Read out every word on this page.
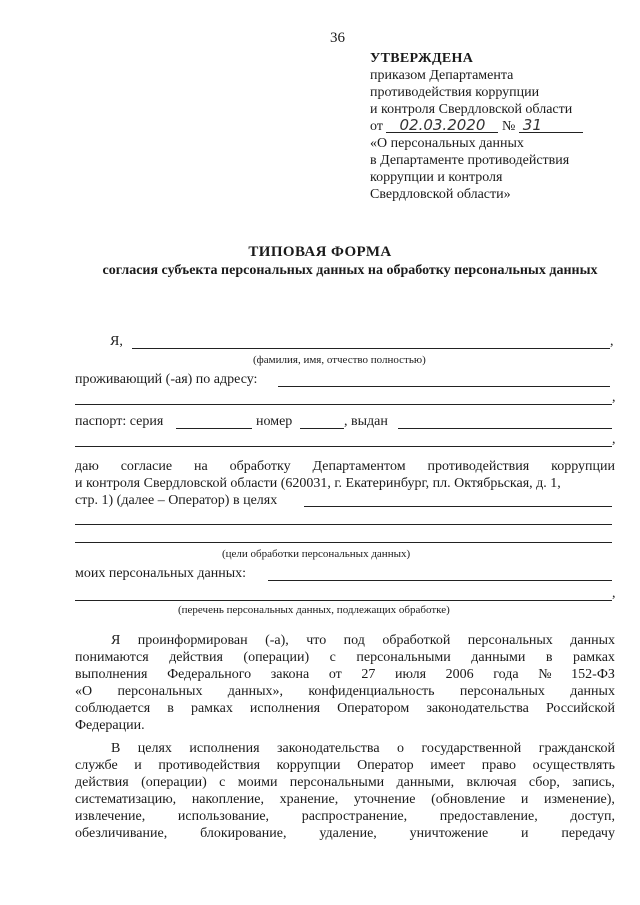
36
УТВЕРЖДЕНА
приказом Департамента
противодействия коррупции
и контроля Свердловской области
от 02.03.2020 № 31
«О персональных данных
в Департаменте противодействия
коррупции и контроля
Свердловской области»
ТИПОВАЯ ФОРМА
согласия субъекта персональных данных на обработку персональных данных
Я,	,
(фамилия, имя, отчество полностью)
проживающий (-ая) по адресу:
,
паспорт: серия	номер	, выдан
,
даю согласие на обработку Департаментом противодействия коррупции
и контроля Свердловской области (620031, г. Екатеринбург, пл. Октябрьская, д. 1,
стр. 1) (далее – Оператор) в целях
(цели обработки персональных данных)
моих персональных данных:
,
(перечень персональных данных, подлежащих обработке)
Я проинформирован (-а), что под обработкой персональных данных
понимаются действия (операции) с персональными данными в рамках
выполнения Федерального закона от 27 июля 2006 года № 152-ФЗ
«О персональных данных», конфиденциальность персональных данных
соблюдается в рамках исполнения Оператором законодательства Российской
Федерации.
В целях исполнения законодательства о государственной гражданской
службе и противодействия коррупции Оператор имеет право осуществлять
действия (операции) с моими персональными данными, включая сбор, запись,
систематизацию, накопление, хранение, уточнение (обновление и изменение),
извлечение, использование, распространение, предоставление, доступ,
обезличивание, блокирование, удаление, уничтожение и передачу
